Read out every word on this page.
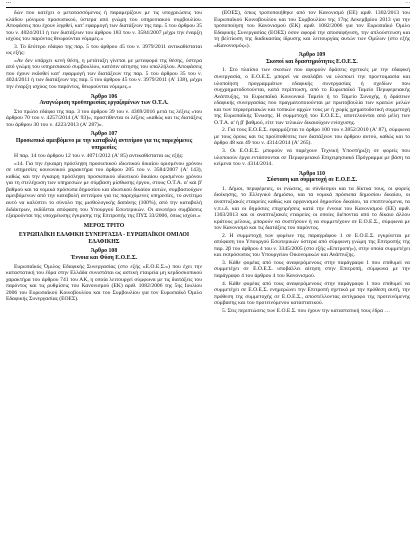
…	…

δών που κατέχει ο μετατασσόμενος ή παραμερίζουν με τις υποχρεώσεις του κλάδου μόνιμου προσωπικού, ύστερα από γνώμη του υπηρεσιακού συμβουλίου. Αποφάσεις που έχουν ληφθεί, κατ' εφαρμογή των διατάξεων της παρ. 5 του άρθρου 35 του ν. 4024/2011 ή των διατάξεων του άρθρου 183 του ν. 3584/2007 μέχρι την έναρξη ισχύος του παρόντος θεωρούνται νόμιμες.»

3. Το δεύτερο εδάφιο της παρ. 5 του άρθρου 45 του ν. 3979/2011 αντικαθίσταται ως εξής:

«Αν δεν υπάρχει κενή θέση, η μετάταξη γίνεται με μεταφορά της θέσης, ύστερα από γνώμη του υπηρεσιακού συμβουλίου, κατόπιν αίτησης του υπαλλήλου. Αποφάσεις που έχουν εκδοθεί κατ' εφαρμογή των διατάξεων της παρ. 5 του άρθρου 35 του ν. 4024/2011 ή των διατάξεων της παρ. 5 του άρθρου 45 του ν. 3979/2011 (Α' 138), μέχρι την έναρξη ισχύος του παρόντος, θεωρούνται νόμιμες.»

Άρθρο 106

Αναγνώριση προϋπηρεσίας εργαζομένων των Ο.Τ.Α.

Στο πρώτο εδάφιο της παρ. 3 του άρθρου 39 του ν. 4369/2016 μετά τις λέξεις «του άρθρου 70 του ν. 4257/2014 (Α' 93)», προστίθενται οι λέξεις «καθώς και τις διατάξεις του άρθρου 30 του ν. 4223/2013 (Α' 287)».

Άρθρο 107

Προσωπικό αμειβόμενο με την καταβολή αντιτίμου για τις παρεχόμενες υπηρεσίες

Η παρ. 14 του άρθρου 12 του ν. 4071/2012 (Α' 85) αντικαθίσταται ως εξής:

«14. Για την έγκαιρη πρόσληψη προσωπικού ιδιωτικού δικαίου ορισμένου χρόνου σε υπηρεσίες κοινωνικού χαρακτήρα του άρθρου 205 του ν. 3584/2007 (Α' 143), καθώς και την έγκαιρη πρόσληψη προσωπικού ιδιωτικού δικαίου ορισμένου χρόνου για τη στελέχωση των υπηρεσιών με σύμβαση μίσθωσης έργου, στους Ο.Τ.Α. α' και β' βαθμού και τα νομικά πρόσωπα δημοσίου και ιδιωτικού δικαίου αυτών, συμβασιούχων αμειβόμενων από την καταβολή αντιτίμου για τις παρεχόμενες υπηρεσίες, το αντίτιμο αυτό να καλύπτει το σύνολο της μισθολογικής δαπάνης (100%), από την καταβολή διδάκτρων, εκδίδεται απόφαση του Υπουργού Εσωτερικών. Οι ανωτέρω συμβάσεις εξαιρούνται της υποχρέωσης έγκρισης της Επιτροπής της ΠΥΣ 33/2006, όπως ισχύει.»

ΜΕΡΟΣ ΤΡΙΤΟ

ΕΥΡΩΠΑΪΚΗ ΕΔΑΦΙΚΗ ΣΥΝΕΡΓΑΣΙΑ - ΕΥΡΩΠΑΪΚΟΙ ΟΜΙΛΟΙ ΕΔΑΦΙΚΗΣ

Άρθρο 108

Έννοια και Φύση Ε.Ο.Ε.Σ.

Ευρωπαϊκός Όμιλος Εδαφικής Συνεργασίας (στο εξής «Ε.Ο.Ε.Σ.») που έχει την καταστατική του έδρα στην Ελλάδα συνιστάται ως αστική εταιρεία μη κερδοσκοπικού χαρακτήρα του άρθρου 741 του ΑΚ, η οποία λειτουργεί σύμφωνα με τις διατάξεις του παρόντος και τις ρυθμίσεις του Κανονισμού (ΕΚ) αριθ. 1082/2006 της 5ης Ιουλίου 2006 του Ευρωπαϊκού Κοινοβουλίου και του Συμβουλίου για τον Ευρωπαϊκό Όμιλο Εδαφικής Συνεργασίας (ΕΟΕΣ).

(ΕΟΕΣ), όπως τροποποιήθηκε από τον Κανονισμό (ΕΕ) αριθ. 1302/2013 του Ευρωπαϊκού Κοινοβουλίου και του Συμβουλίου της 17ης Δεκεμβρίου 2013 για την τροποποίηση του Κανονισμού (ΕΚ) αριθ. 1082/2006 για τον Ευρωπαϊκό Όμιλο Εδαφικής Συνεργασίας (ΕΟΕΣ) όσον αφορά την αποσαφήνιση, την απλούστευση και τη βελτίωση της διαδικασίας ίδρυσης και λειτουργίας αυτών των Ομίλων (στο εξής «Κανονισμός»).

Άρθρο 109

Σκοποί και δραστηριότητες Ε.Ο.Ε.Σ.

1. Στο πλαίσιο των σκοπών που αφορούν δράσεις σχετικές με την εδαφική συνεργασία, ο Ε.Ο.Ε.Σ. μπορεί να αναλάβει να υλοποιεί την προετοιμασία και υλοποίηση προγραμμάτων εδαφικής συνεργασίας ή σχεδίων που συγχρηματοδοτούνται, κατά περίπτωση, από το Ευρωπαϊκό Ταμείο Περιφερειακής Ανάπτυξης, το Ευρωπαϊκό Κοινωνικό Ταμείο ή το Ταμείο Συνοχής, ή δράσεων εδαφικής συνεργασίας που πραγματοποιούνται με πρωτοβουλία των κρατών μελών και των περιφερειακών και τοπικών αρχών τους με ή χωρίς χρηματοδοτική συμμετοχή της Ευρωπαϊκής Ένωσης. Η συμμετοχή του Ε.Ο.Ε.Σ., αποτελούνται από μέλη των Ο.Τ.Α. α' ή β' βαθμού, είτε των τελικών δικαιούχων ενίσχυσης.

2. Για τους Ε.Ο.Ε.Σ. εφαρμόζεται το άρθρο 100 του ν.3852/2010 (Α' 87), σύμφωνα με τους όρους και τις προϋποθέσεις των διατάξεων του άρθρου αυτού, καθώς και το άρθρο 48 και 49 του ν. 4314/2014 (Α' 265).

3. Οι Ε.Ο.Ε.Σ. μπορούν να παρέχουν Τεχνική Υποστήριξη σε φορείς που υλοποιούν έργα εντάσσονται σε Περιφερειακό Επιχειρησιακό Πρόγραμμα με βάση τα κείμενα του ν. 4314/2014.

Άρθρο 110

Σύσταση και συμμετοχή σε Ε.Ο.Ε.Σ.

1. Δήμοι, περιφέρειες, οι ενώσεις, οι σύνδεσμοι και τα δίκτυα τους, οι φορείς διοίκησης, το Ελληνικό Δημόσιο, και τα νομικά πρόσωπα δημοσίου δικαίου, οι αναπτυξιακές εταιρείες καθώς και οργανισμοί δημοσίου δικαίου, τα εποπτευόμενα, τα ν.π.ι.δ. και οι δημόσιες επιχειρήσεις κατά την έννοια του Κανονισμού (ΕΕ) αριθ. 1303/2013 και οι αναπτυξιακές εταιρείες οι οποίες διέπονται από το δίκαιο άλλου κράτους μέλους, μπορούν να συστήσουν ή να συμμετέχουν σε Ε.Ο.Ε.Σ., σύμφωνα με τον Κανονισμό και τις διατάξεις του παρόντος.

2. Η συμμετοχή των φορέων της παραγράφου 1 σε Ε.Ο.Ε.Σ. εγκρίνεται με απόφαση του Υπουργού Εσωτερικών ύστερα από σύμφωνη γνώμη της Επιτροπής της παρ. 2β του άρθρου 4 του ν. 3345/2005 (στο εξής «Επιτροπή»), στην οποία συμμετέχει και εκπρόσωπος του Υπουργείου Οικονομικών και Ανάπτυξης.

3. Κάθε φορέας από τους αναφερόμενους στην παράγραφο 1 που επιθυμεί να συμμετέχει σε Ε.Ο.Ε.Σ. υποβάλλει αίτηση στην Επιτροπή, σύμφωνα με την παράγραφο 4 του άρθρου 4 του Κανονισμού.

4. Κάθε φορέας από τους αναφερόμενους στην παράγραφο 1 που επιθυμεί να συμμετέχει σε Ε.Ο.Ε.Σ. ενημερώνει την Επιτροπή σχετικά με την πρόθεση αυτή, την πρόθεση της συμμετοχής σε Ε.Ο.Ε.Σ., αποστέλλοντας αντίγραφο της προτεινόμενης σύμβασης και του προτεινόμενου καταστατικού.

5. Στις περιπτώσεις των Ε.Ο.Ε.Σ. που έχουν την καταστατική τους έδρα …
